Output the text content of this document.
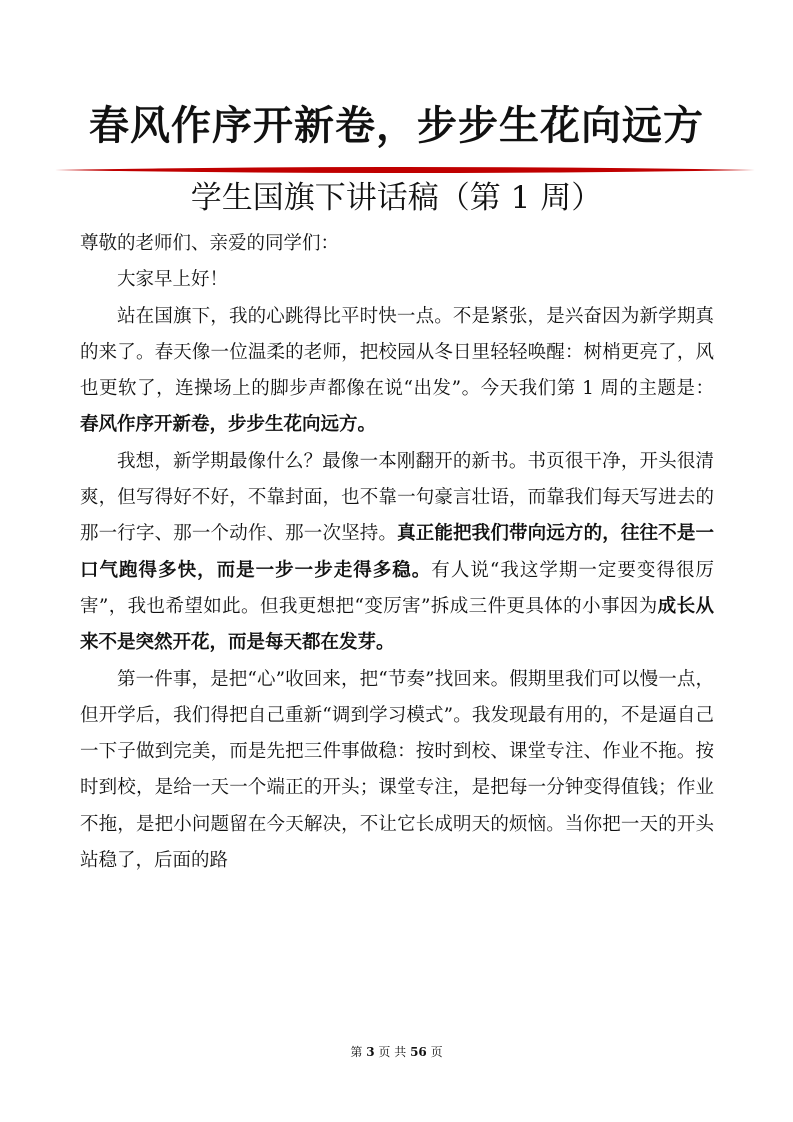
春风作序开新卷，步步生花向远方
学生国旗下讲话稿（第 1 周）

尊敬的老师们、亲爱的同学们：

大家早上好！

站在国旗下，我的心跳得比平时快一点。不是紧张，是兴奋因为新学期真的来了。春天像一位温柔的老师，把校园从冬日里轻轻唤醒：树梢更亮了，风也更软了，连操场上的脚步声都像在说“出发”。今天我们第 1 周的主题是：春风作序开新卷，步步生花向远方。

我想，新学期最像什么？最像一本刚翻开的新书。书页很干净，开头很清爽，但写得好不好，不靠封面，也不靠一句豪言壮语，而靠我们每天写进去的那一行字、那一个动作、那一次坚持。真正能把我们带向远方的，往往不是一口气跑得多快，而是一步一步走得多稳。有人说“我这学期一定要变得很厉害”，我也希望如此。但我更想把“变厉害”拆成三件更具体的小事因为成长从来不是突然开花，而是每天都在发芽。

第一件事，是把“心”收回来，把“节奏”找回来。假期里我们可以慢一点，但开学后，我们得把自己重新“调到学习模式”。我发现最有用的，不是逼自己一下子做到完美，而是先把三件事做稳：按时到校、课堂专注、作业不拖。按时到校，是给一天一个端正的开头；课堂专注，是把每一分钟变得值钱；作业不拖，是把小问题留在今天解决，不让它长成明天的烦恼。当你把一天的开头站稳了，后面的路

第 3 页 共 56 页
